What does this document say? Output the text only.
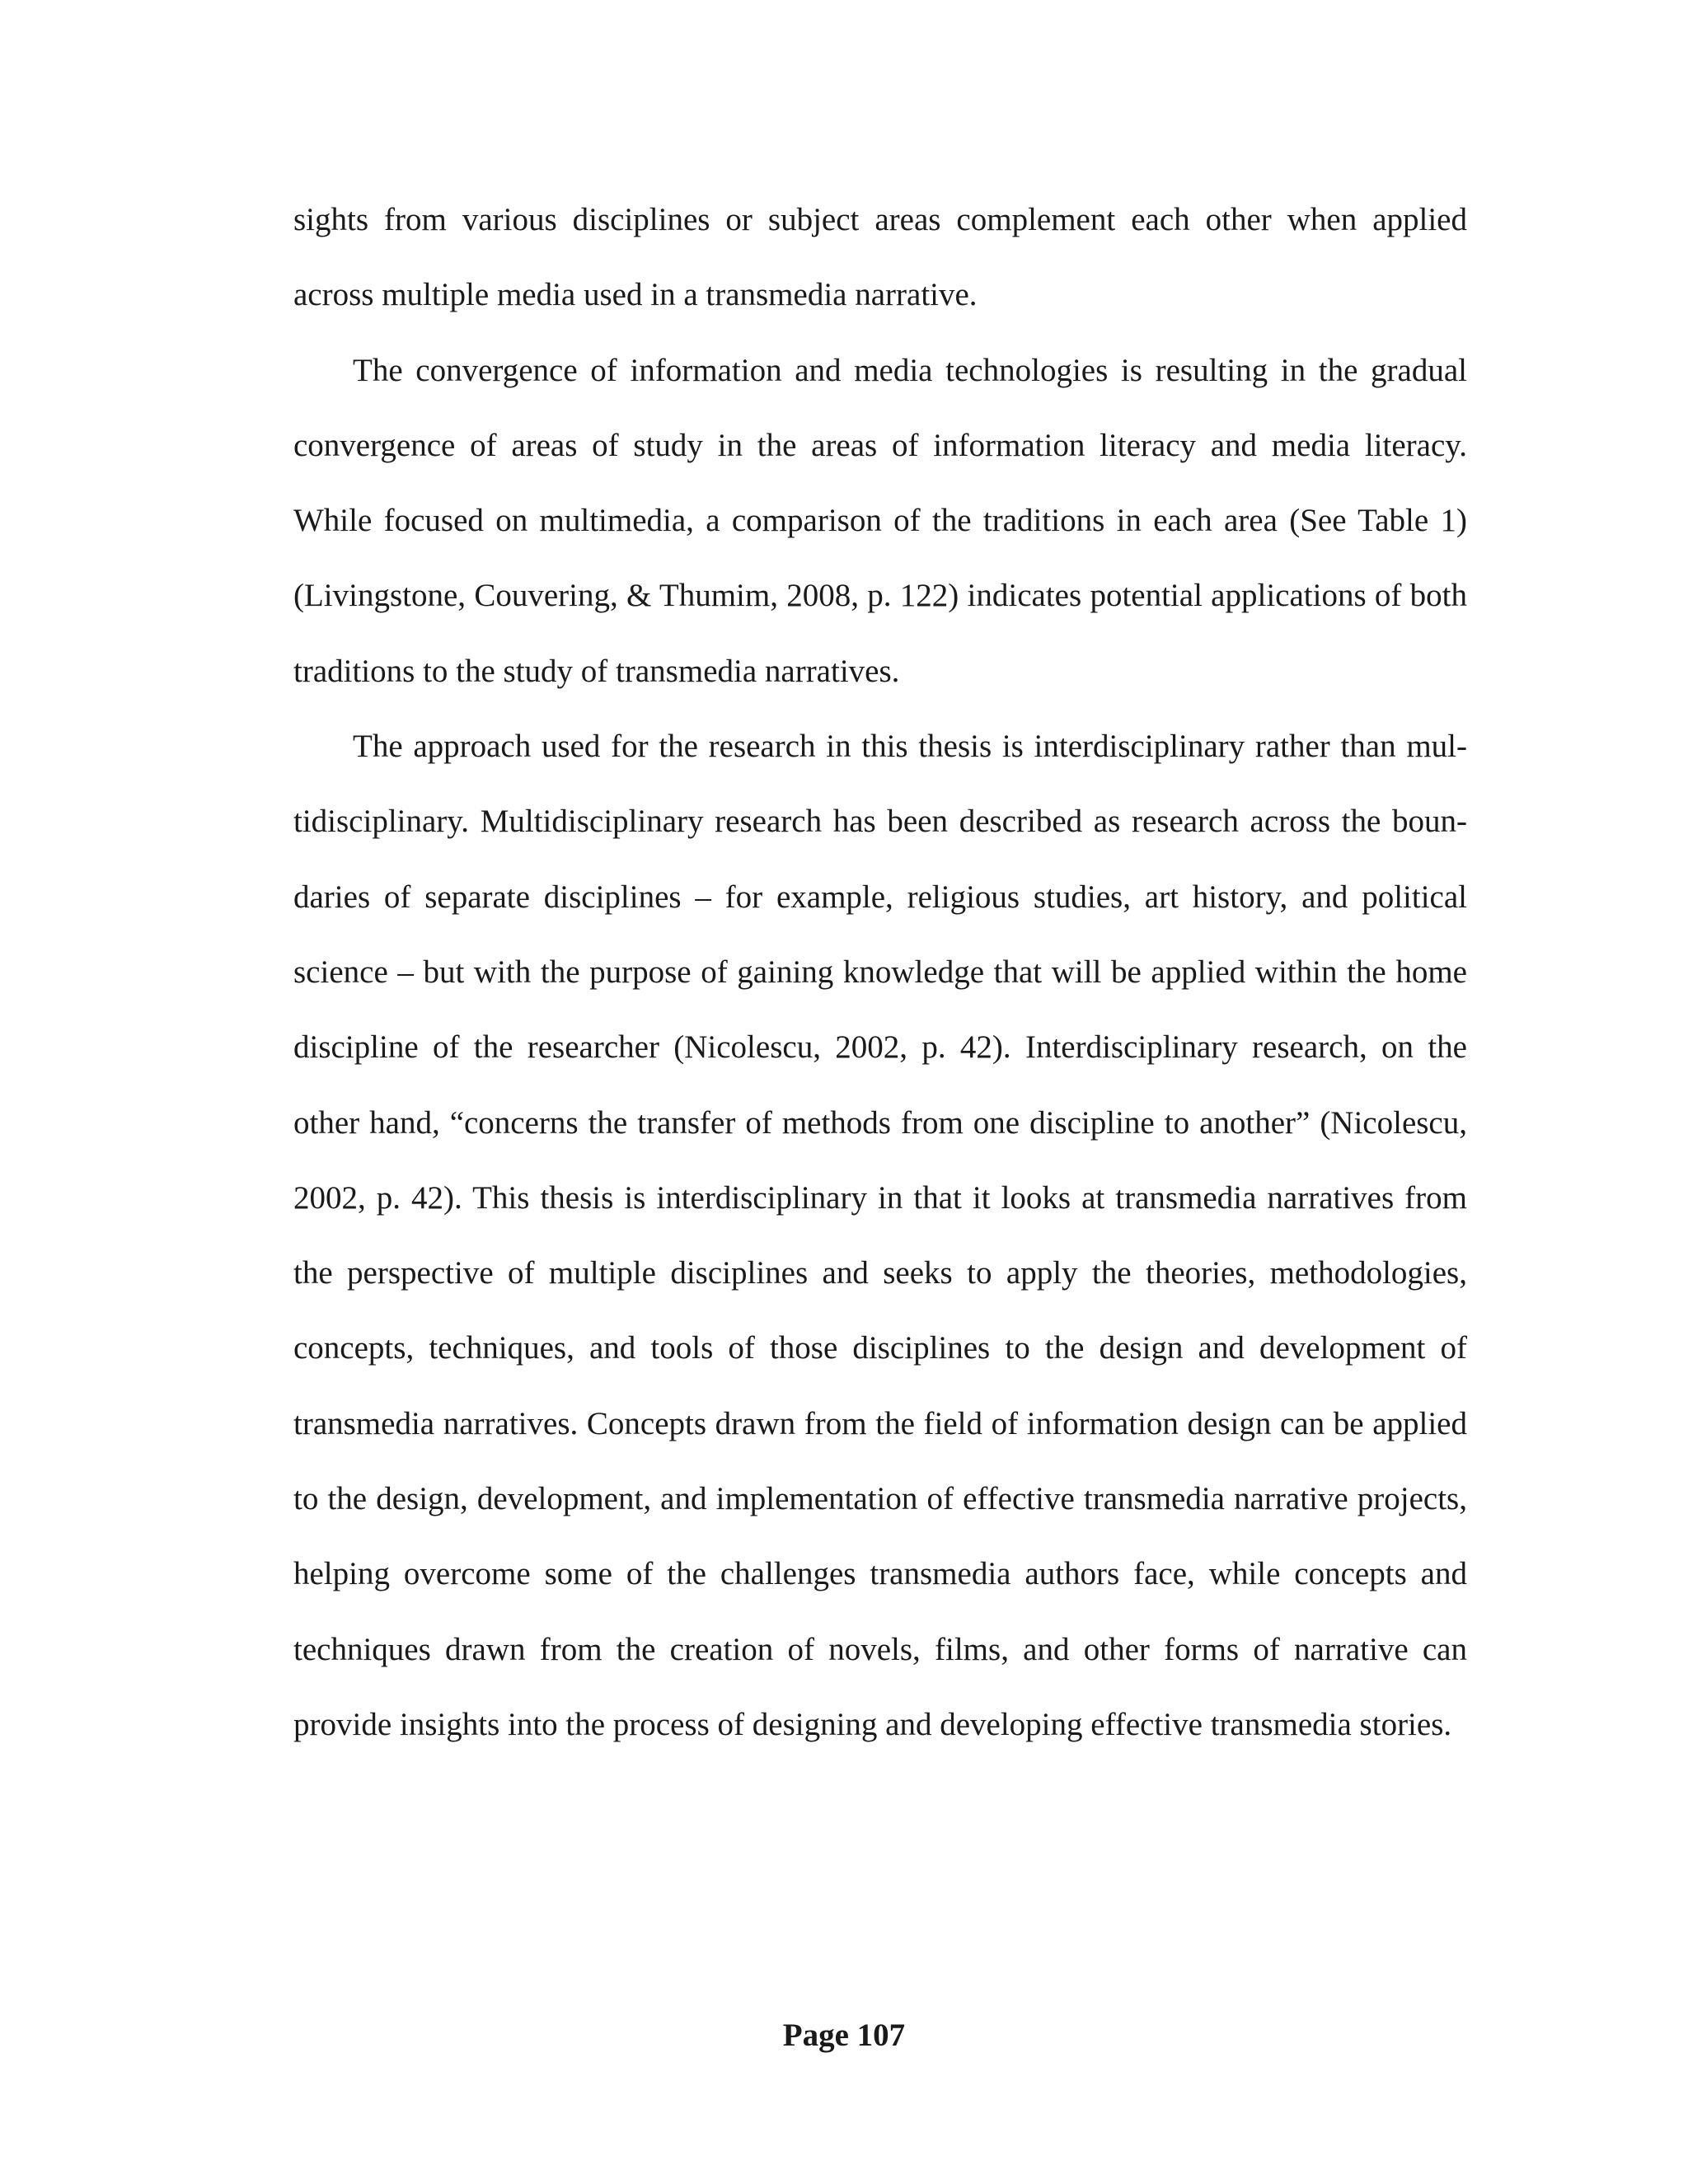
sights from various disciplines or subject areas complement each other when applied across multiple media used in a transmedia narrative.

The convergence of information and media technologies is resulting in the gradual convergence of areas of study in the areas of information literacy and media literacy. While focused on multimedia, a comparison of the traditions in each area (See Table 1) (Livingstone, Couvering, & Thumim, 2008, p. 122) indicates potential applications of both traditions to the study of transmedia narratives.

The approach used for the research in this thesis is interdisciplinary rather than multidisciplinary. Multidisciplinary research has been described as research across the boundaries of separate disciplines – for example, religious studies, art history, and political science – but with the purpose of gaining knowledge that will be applied within the home discipline of the researcher (Nicolescu, 2002, p. 42). Interdisciplinary research, on the other hand, “concerns the transfer of methods from one discipline to another” (Nicolescu, 2002, p. 42). This thesis is interdisciplinary in that it looks at transmedia narratives from the perspective of multiple disciplines and seeks to apply the theories, methodologies, concepts, techniques, and tools of those disciplines to the design and development of transmedia narratives. Concepts drawn from the field of information design can be applied to the design, development, and implementation of effective transmedia narrative projects, helping overcome some of the challenges transmedia authors face, while concepts and techniques drawn from the creation of novels, films, and other forms of narrative can provide insights into the process of designing and developing effective transmedia stories.

Page 107
